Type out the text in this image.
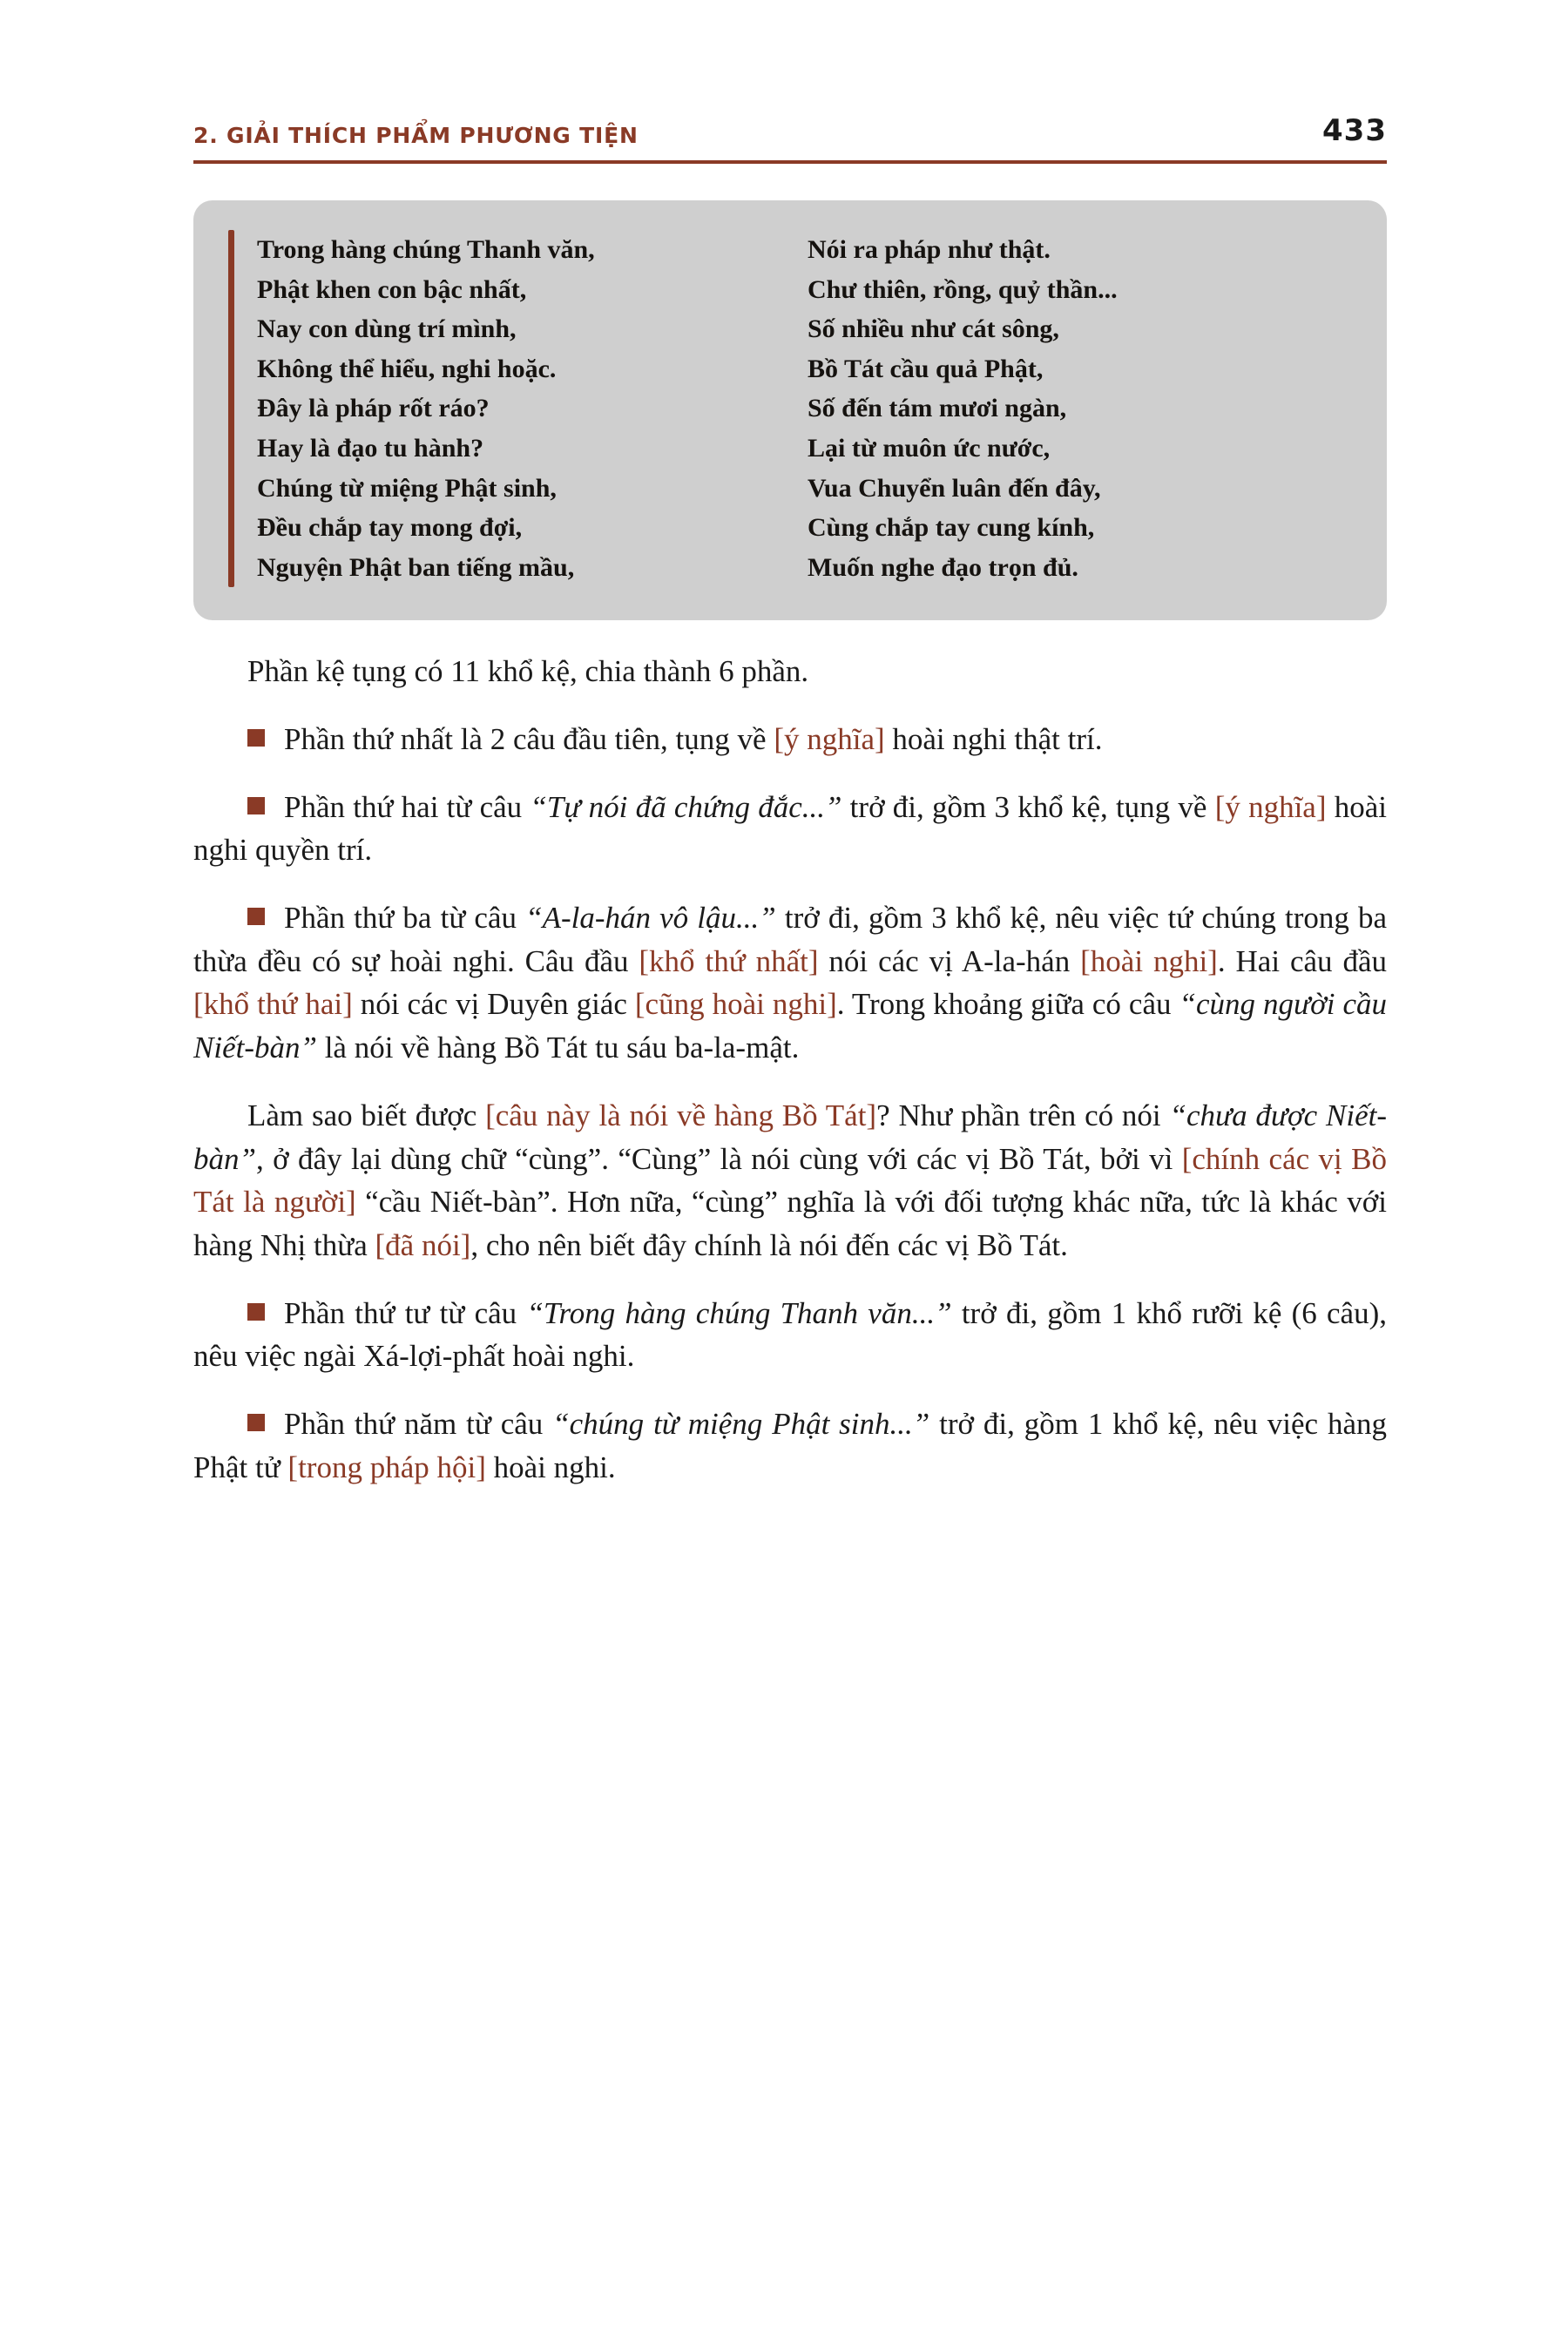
2. GIẢI THÍCH PHẨM PHƯƠNG TIỆN	433
Trong hàng chúng Thanh văn,
Phật khen con bậc nhất,
Nay con dùng trí mình,
Không thể hiểu, nghi hoặc.
Đây là pháp rốt ráo?
Hay là đạo tu hành?
Chúng từ miệng Phật sinh,
Đều chắp tay mong đợi,
Nguyện Phật ban tiếng mầu,
Nói ra pháp như thật.
Chư thiên, rồng, quỷ thần...
Số nhiều như cát sông,
Bồ Tát cầu quả Phật,
Số đến tám mươi ngàn,
Lại từ muôn ức nước,
Vua Chuyển luân đến đây,
Cùng chắp tay cung kính,
Muốn nghe đạo trọn đủ.

Phần kệ tụng có 11 khổ kệ, chia thành 6 phần.

Phần thứ nhất là 2 câu đầu tiên, tụng về [ý nghĩa] hoài nghi thật trí.

Phần thứ hai từ câu “Tự nói đã chứng đắc...” trở đi, gồm 3 khổ kệ, tụng về [ý nghĩa] hoài nghi quyền trí.

Phần thứ ba từ câu “A-la-hán vô lậu...” trở đi, gồm 3 khổ kệ, nêu việc tứ chúng trong ba thừa đều có sự hoài nghi. Câu đầu [khổ thứ nhất] nói các vị A-la-hán [hoài nghi]. Hai câu đầu [khổ thứ hai] nói các vị Duyên giác [cũng hoài nghi]. Trong khoảng giữa có câu “cùng người cầu Niết-bàn” là nói về hàng Bồ Tát tu sáu ba-la-mật.

Làm sao biết được [câu này là nói về hàng Bồ Tát]? Như phần trên có nói “chưa được Niết-bàn”, ở đây lại dùng chữ “cùng”. “Cùng” là nói cùng với các vị Bồ Tát, bởi vì [chính các vị Bồ Tát là người] “cầu Niết-bàn”. Hơn nữa, “cùng” nghĩa là với đối tượng khác nữa, tức là khác với hàng Nhị thừa [đã nói], cho nên biết đây chính là nói đến các vị Bồ Tát.

Phần thứ tư từ câu “Trong hàng chúng Thanh văn...” trở đi, gồm 1 khổ rưỡi kệ (6 câu), nêu việc ngài Xá-lợi-phất hoài nghi.

Phần thứ năm từ câu “chúng từ miệng Phật sinh...” trở đi, gồm 1 khổ kệ, nêu việc hàng Phật tử [trong pháp hội] hoài nghi.
